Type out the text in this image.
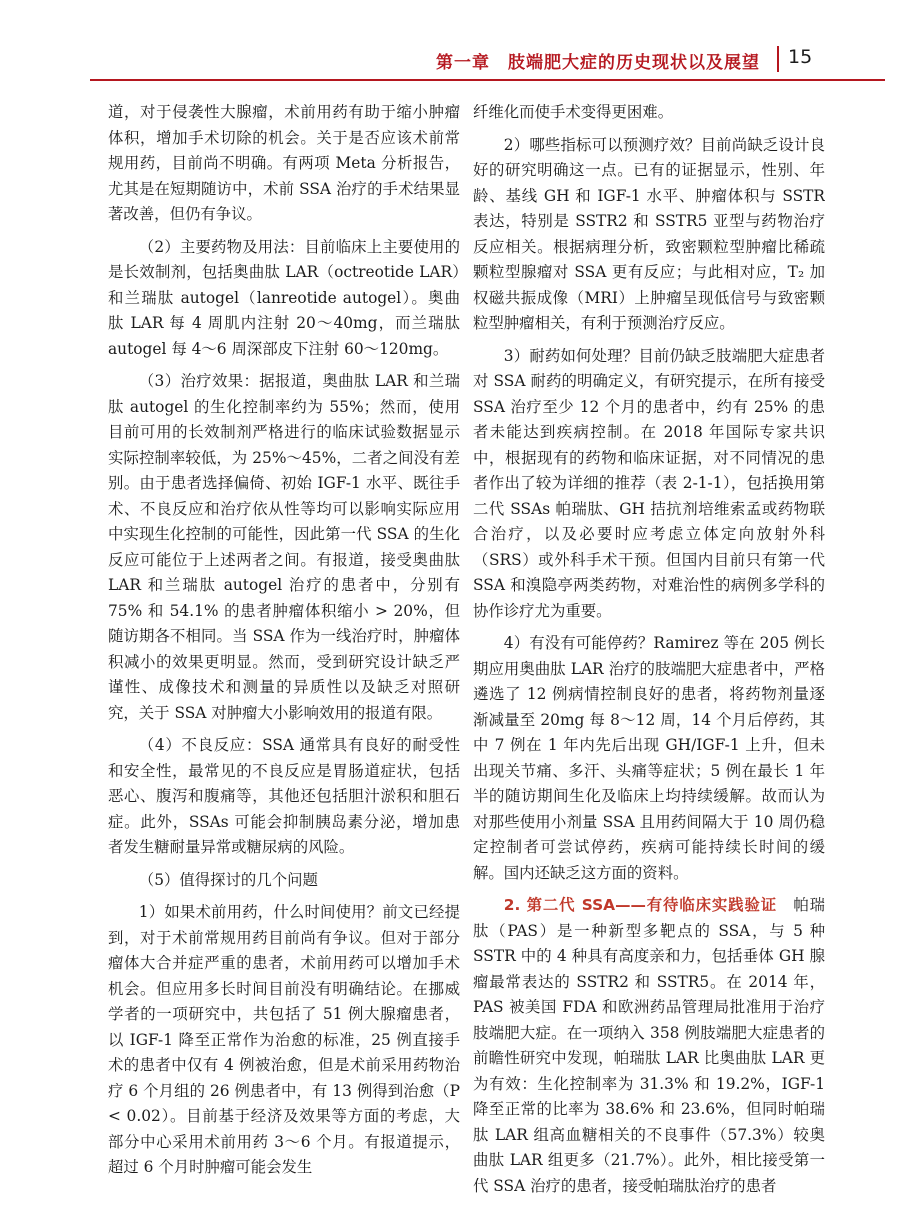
第一章　肢端肥大症的历史现状以及展望 15

道，对于侵袭性大腺瘤，术前用药有助于缩小肿瘤体积，增加手术切除的机会。关于是否应该术前常规用药，目前尚不明确。有两项 Meta 分析报告，尤其是在短期随访中，术前 SSA 治疗的手术结果显著改善，但仍有争议。

（2）主要药物及用法：目前临床上主要使用的是长效制剂，包括奥曲肽 LAR（octreotide LAR）和兰瑞肽 autogel（lanreotide autogel）。奥曲肽 LAR 每 4 周肌内注射 20～40mg，而兰瑞肽 autogel 每 4～6 周深部皮下注射 60～120mg。

（3）治疗效果：据报道，奥曲肽 LAR 和兰瑞肽 autogel 的生化控制率约为 55%；然而，使用目前可用的长效制剂严格进行的临床试验数据显示实际控制率较低，为 25%～45%，二者之间没有差别。由于患者选择偏倚、初始 IGF-1 水平、既往手术、不良反应和治疗依从性等均可以影响实际应用中实现生化控制的可能性，因此第一代 SSA 的生化反应可能位于上述两者之间。有报道，接受奥曲肽 LAR 和兰瑞肽 autogel 治疗的患者中，分别有 75% 和 54.1% 的患者肿瘤体积缩小 > 20%，但随访期各不相同。当 SSA 作为一线治疗时，肿瘤体积减小的效果更明显。然而，受到研究设计缺乏严谨性、成像技术和测量的异质性以及缺乏对照研究，关于 SSA 对肿瘤大小影响效用的报道有限。

（4）不良反应：SSA 通常具有良好的耐受性和安全性，最常见的不良反应是胃肠道症状，包括恶心、腹泻和腹痛等，其他还包括胆汁淤积和胆石症。此外，SSAs 可能会抑制胰岛素分泌，增加患者发生糖耐量异常或糖尿病的风险。

（5）值得探讨的几个问题

1）如果术前用药，什么时间使用？前文已经提到，对于术前常规用药目前尚有争议。但对于部分瘤体大合并症严重的患者，术前用药可以增加手术机会。但应用多长时间目前没有明确结论。在挪威学者的一项研究中，共包括了 51 例大腺瘤患者，以 IGF-1 降至正常作为治愈的标准，25 例直接手术的患者中仅有 4 例被治愈，但是术前采用药物治疗 6 个月组的 26 例患者中，有 13 例得到治愈（P < 0.02）。目前基于经济及效果等方面的考虑，大部分中心采用术前用药 3～6 个月。有报道提示，超过 6 个月时肿瘤可能会发生

纤维化而使手术变得更困难。

2）哪些指标可以预测疗效？目前尚缺乏设计良好的研究明确这一点。已有的证据显示，性别、年龄、基线 GH 和 IGF-1 水平、肿瘤体积与 SSTR 表达，特别是 SSTR2 和 SSTR5 亚型与药物治疗反应相关。根据病理分析，致密颗粒型肿瘤比稀疏颗粒型腺瘤对 SSA 更有反应；与此相对应，T₂ 加权磁共振成像（MRI）上肿瘤呈现低信号与致密颗粒型肿瘤相关，有利于预测治疗反应。

3）耐药如何处理？目前仍缺乏肢端肥大症患者对 SSA 耐药的明确定义，有研究提示，在所有接受 SSA 治疗至少 12 个月的患者中，约有 25% 的患者未能达到疾病控制。在 2018 年国际专家共识中，根据现有的药物和临床证据，对不同情况的患者作出了较为详细的推荐（表 2-1-1），包括换用第二代 SSAs 帕瑞肽、GH 拮抗剂培维索孟或药物联合治疗，以及必要时应考虑立体定向放射外科（SRS）或外科手术干预。但国内目前只有第一代 SSA 和溴隐亭两类药物，对难治性的病例多学科的协作诊疗尤为重要。

4）有没有可能停药？Ramirez 等在 205 例长期应用奥曲肽 LAR 治疗的肢端肥大症患者中，严格遴选了 12 例病情控制良好的患者，将药物剂量逐渐减量至 20mg 每 8～12 周，14 个月后停药，其中 7 例在 1 年内先后出现 GH/IGF-1 上升，但未出现关节痛、多汗、头痛等症状；5 例在最长 1 年半的随访期间生化及临床上均持续缓解。故而认为对那些使用小剂量 SSA 且用药间隔大于 10 周仍稳定控制者可尝试停药，疾病可能持续长时间的缓解。国内还缺乏这方面的资料。

2. 第二代 SSA——有待临床实践验证　 帕瑞肽（PAS）是一种新型多靶点的 SSA，与 5 种 SSTR 中的 4 种具有高度亲和力，包括垂体 GH 腺瘤最常表达的 SSTR2 和 SSTR5。在 2014 年，PAS 被美国 FDA 和欧洲药品管理局批准用于治疗肢端肥大症。在一项纳入 358 例肢端肥大症患者的前瞻性研究中发现，帕瑞肽 LAR 比奥曲肽 LAR 更为有效：生化控制率为 31.3% 和 19.2%，IGF-1 降至正常的比率为 38.6% 和 23.6%，但同时帕瑞肽 LAR 组高血糖相关的不良事件（57.3%）较奥曲肽 LAR 组更多（21.7%）。此外，相比接受第一代 SSA 治疗的患者，接受帕瑞肽治疗的患者
